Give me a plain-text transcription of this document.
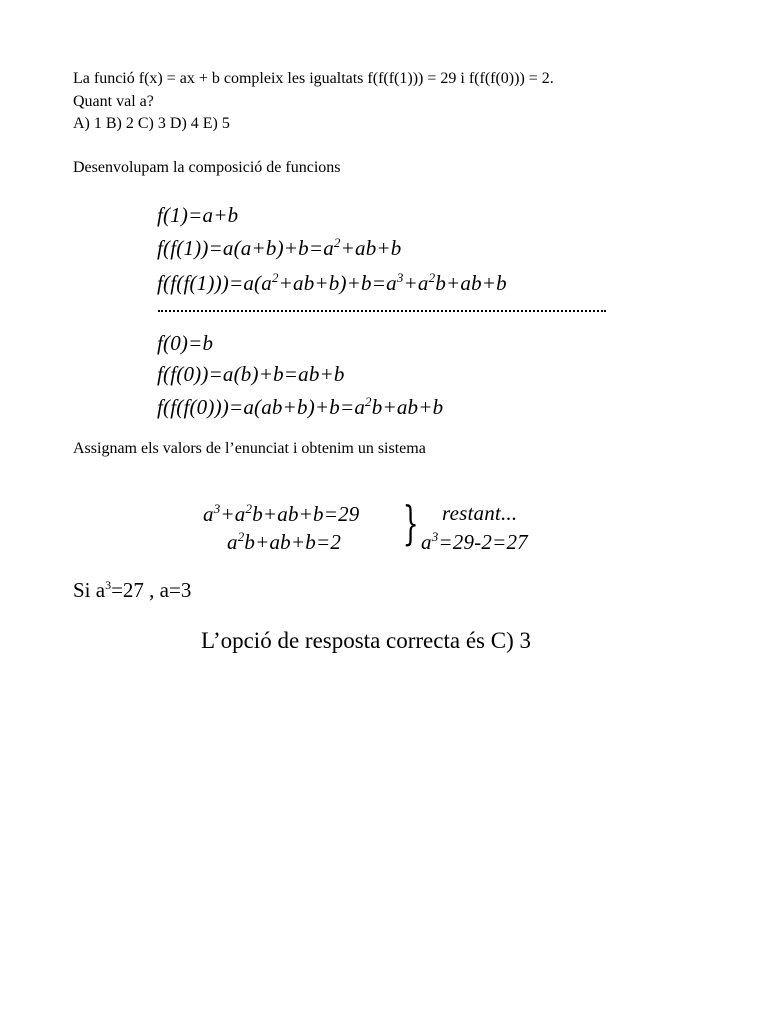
La funció f(x) = ax + b compleix les igualtats f(f(f(1))) = 29 i f(f(f(0))) = 2.
Quant val a?
A) 1 B) 2 C) 3 D) 4 E) 5
Desenvolupam la composició de funcions
f(1)=a+b
$f(f(1))=a(a+b)+b=a^2+ab+b$
$f(f(f(1)))=a(a^2+ab+b)+b=a^3+a^2b+ab+b$
f(0)=b
f(f(0))=a(b)+b=ab+b
$f(f(f(0)))=a(ab+b)+b=a^2b+ab+b$
Assignam els valors de l’enunciat i obtenim un sistema
$a^3+a^2b+ab+b=29$
$a^2b+ab+b=2$ } restant...
$a^3=29-2=27$
Si $a^3=27$ , a=3
L’opció de resposta correcta és C) 3
